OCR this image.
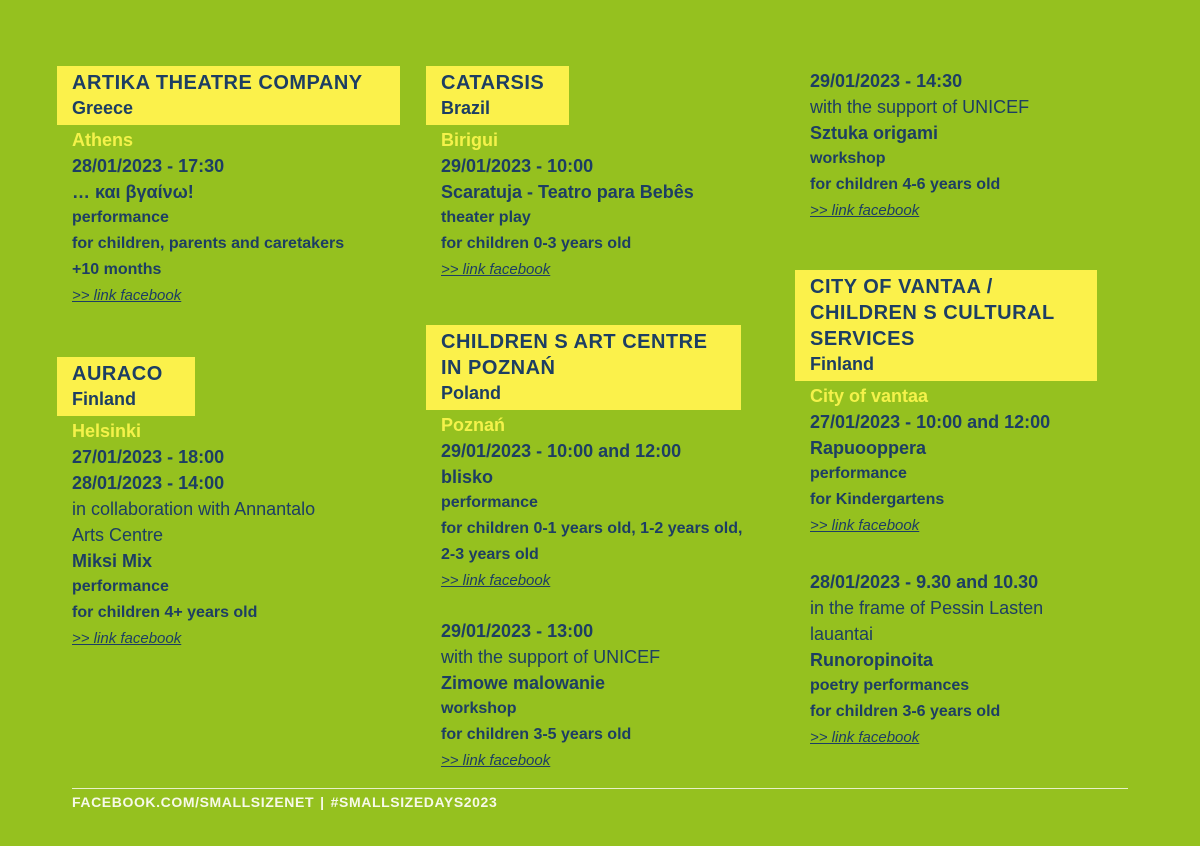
ARTIKA THEATRE COMPANY
Greece
Athens
28/01/2023 - 17:30
… και βγαίνω!
performance
for children, parents and caretakers
+10 months
>> link facebook
AURACO
Finland
Helsinki
27/01/2023 - 18:00
28/01/2023 - 14:00
in collaboration with Annantalo
Arts Centre
Miksi Mix
performance
for children 4+ years old
>> link facebook
CATARSIS
Brazil
Birigui
29/01/2023 - 10:00
Scaratuja - Teatro para Bebês
theater play
for children 0-3 years old
>> link facebook
CHILDREN S ART CENTRE
IN POZNAŃ
Poland
Poznań
29/01/2023 - 10:00 and 12:00
blisko
performance
for children 0-1 years old, 1-2 years old,
2-3 years old
>> link facebook
29/01/2023 - 13:00
with the support of UNICEF
Zimowe malowanie
workshop
for children 3-5 years old
>> link facebook
29/01/2023 - 14:30
with the support of UNICEF
Sztuka origami
workshop
for children 4-6 years old
>> link facebook
CITY OF VANTAA /
CHILDREN S CULTURAL
SERVICES
Finland
City of vantaa
27/01/2023 - 10:00 and 12:00
Rapuooppera
performance
for Kindergartens
>> link facebook
28/01/2023 - 9.30 and 10.30
in the frame of Pessin Lasten
lauantai
Runoropinoita
poetry performances
for children 3-6 years old
>> link facebook
FACEBOOK.COM/SMALLSIZENET | #SMALLSIZEDAYS2023
